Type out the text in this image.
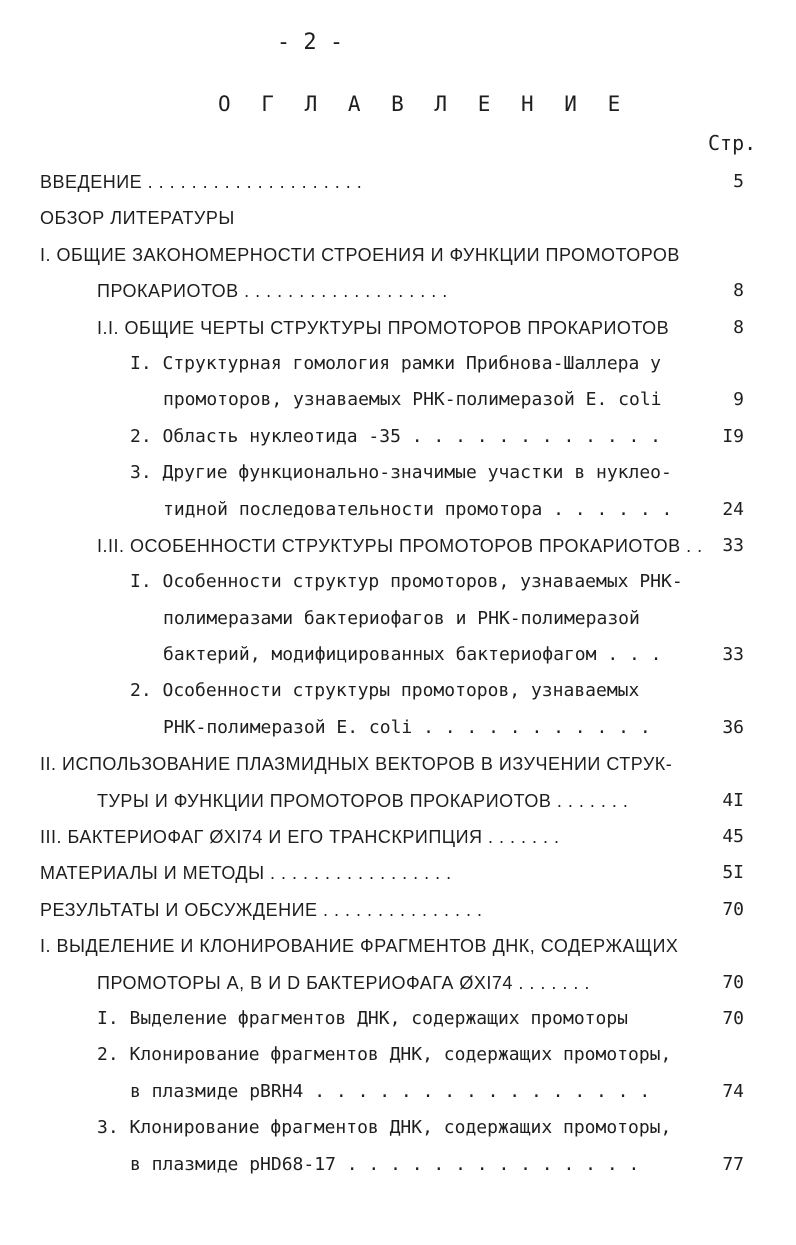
- 2 -
О Г Л А В Л Е Н И Е
Стр.
ВВЕДЕНИЕ . . . . . . . . . . . . . . . . . . . .	5
ОБЗОР ЛИТЕРАТУРЫ
I. ОБЩИЕ ЗАКОНОМЕРНОСТИ СТРОЕНИЯ И ФУНКЦИИ ПРОМОТОРОВ
ПРОКАРИОТОВ . . . . . . . . . . . . . . . . . . .	8
I.I. ОБЩИЕ ЧЕРТЫ СТРУКТУРЫ ПРОМОТОРОВ ПРОКАРИОТОВ	8
I. Структурная гомология рамки Прибнова-Шаллера у
промоторов, узнаваемых РНК-полимеразой E. coli	9
2. Область нуклеотида -35 . . . . . . . . . . . .	I9
3. Другие функционально-значимые участки в нуклео-
тидной последовательности промотора . . . . . .	24
I.II. ОСОБЕННОСТИ СТРУКТУРЫ ПРОМОТОРОВ ПРОКАРИОТОВ . . 33
I. Особенности структур промоторов, узнаваемых РНК-
полимеразами бактериофагов и РНК-полимеразой
бактерий, модифицированных бактериофагом . . .	33
2. Особенности структуры промоторов, узнаваемых
РНК-полимеразой E. coli . . . . . . . . . . .	36
II. ИСПОЛЬЗОВАНИЕ ПЛАЗМИДНЫХ ВЕКТОРОВ В ИЗУЧЕНИИ СТРУК-
ТУРЫ И ФУНКЦИИ ПРОМОТОРОВ ПРОКАРИОТОВ . . . . . . .	4I
III. БАКТЕРИОФАГ ØXI74 И ЕГО ТРАНСКРИПЦИЯ . . . . . . .	45
МАТЕРИАЛЫ И МЕТОДЫ . . . . . . . . . . . . . . . . .	5I
РЕЗУЛЬТАТЫ И ОБСУЖДЕНИЕ . . . . . . . . . . . . . . .	70
I. ВЫДЕЛЕНИЕ И КЛОНИРОВАНИЕ ФРАГМЕНТОВ ДНК, СОДЕРЖАЩИХ
ПРОМОТОРЫ A, B И D БАКТЕРИОФАГА ØXI74 . . . . . . .	70
I. Выделение фрагментов ДНК, содержащих промоторы	70
2. Клонирование фрагментов ДНК, содержащих промоторы,
в плазмиде pBRH4 . . . . . . . . . . . . . . . .	74
3. Клонирование фрагментов ДНК, содержащих промоторы,
в плазмиде pHD68-17 . . . . . . . . . . . . . .	77
